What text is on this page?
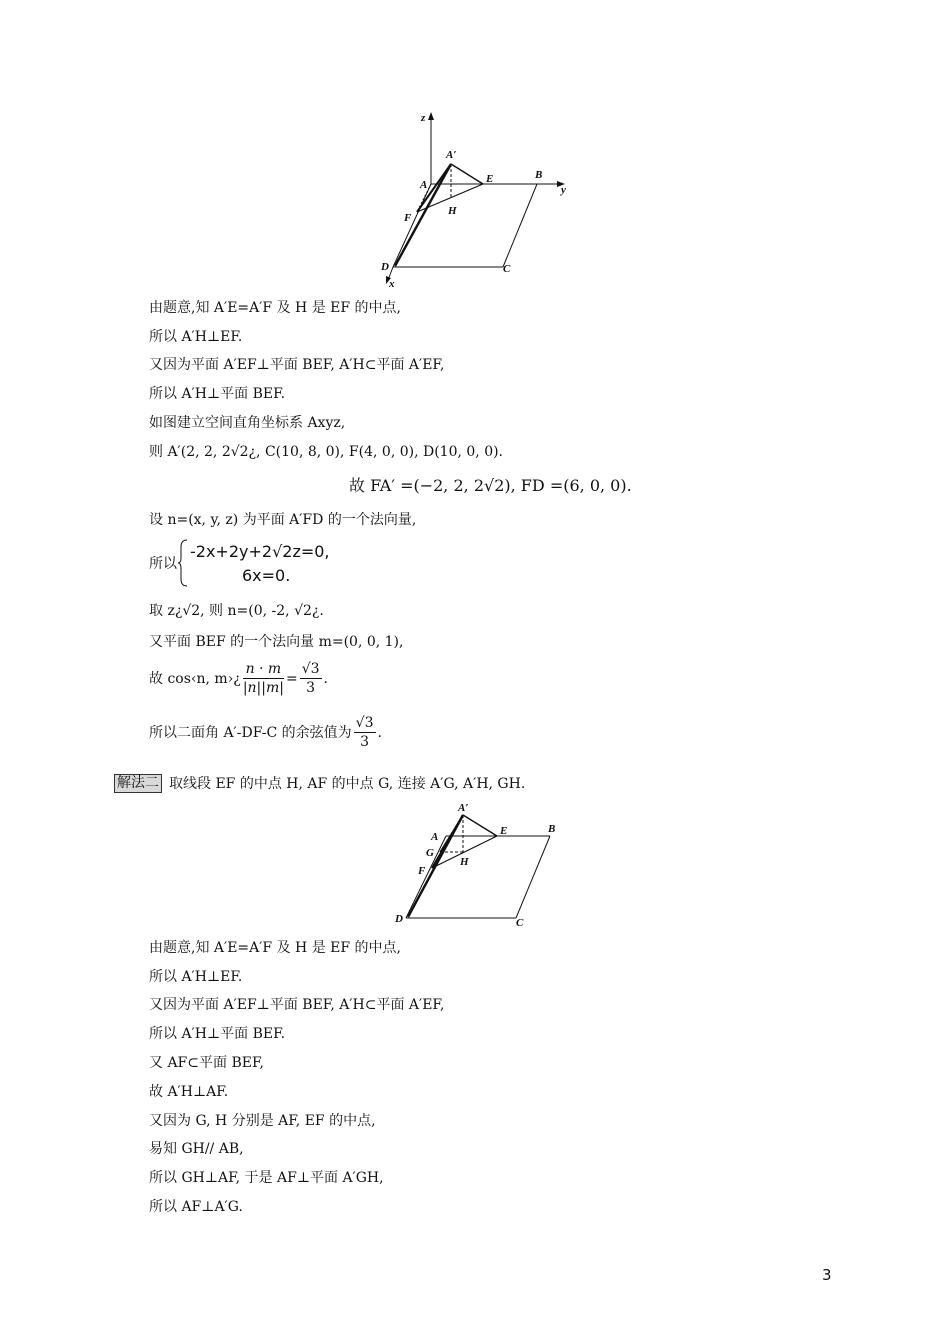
z
y
x
A′
A	E	B
F
H
D	C
由题意,知 A′E=A′F 及 H 是 EF 的中点,
所以 A′H⊥EF.
又因为平面 A′EF⊥平面 BEF, A′H⊂平面 A′EF,
所以 A′H⊥平面 BEF.
如图建立空间直角坐标系 Axyz,
则 A′(2, 2, 2√2¿, C(10, 8, 0), F(4, 0, 0), D(10, 0, 0).
故 FA′ =(−2, 2, 2√2), FD =(6, 0, 0).
设 n=(x, y, z) 为平面 A′FD 的一个法向量,
所以
-2x+2y+2√2z=0,
6x=0.
取 z¿√2, 则 n=(0, -2, √2¿.
又平面 BEF 的一个法向量 m=(0, 0, 1),
故 cos‹n, m›¿ $\frac{n \cdot m}{|n||m|} = \frac{√3}{3}$ .
所以二面角 A′-DF-C 的余弦值为 $\frac{√3}{3}$ .
解法二 取线段 EF 的中点 H, AF 的中点 G, 连接 A′G, A′H, GH.
A′
A
G
E	B
F
H
D	C
由题意,知 A′E=A′F 及 H 是 EF 的中点,
所以 A′H⊥EF.
又因为平面 A′EF⊥平面 BEF, A′H⊂平面 A′EF,
所以 A′H⊥平面 BEF.
又 AF⊂平面 BEF,
故 A′H⊥AF.
又因为 G, H 分别是 AF, EF 的中点,
易知 GH// AB,
所以 GH⊥AF, 于是 AF⊥平面 A′GH,
所以 AF⊥A′G.
3
